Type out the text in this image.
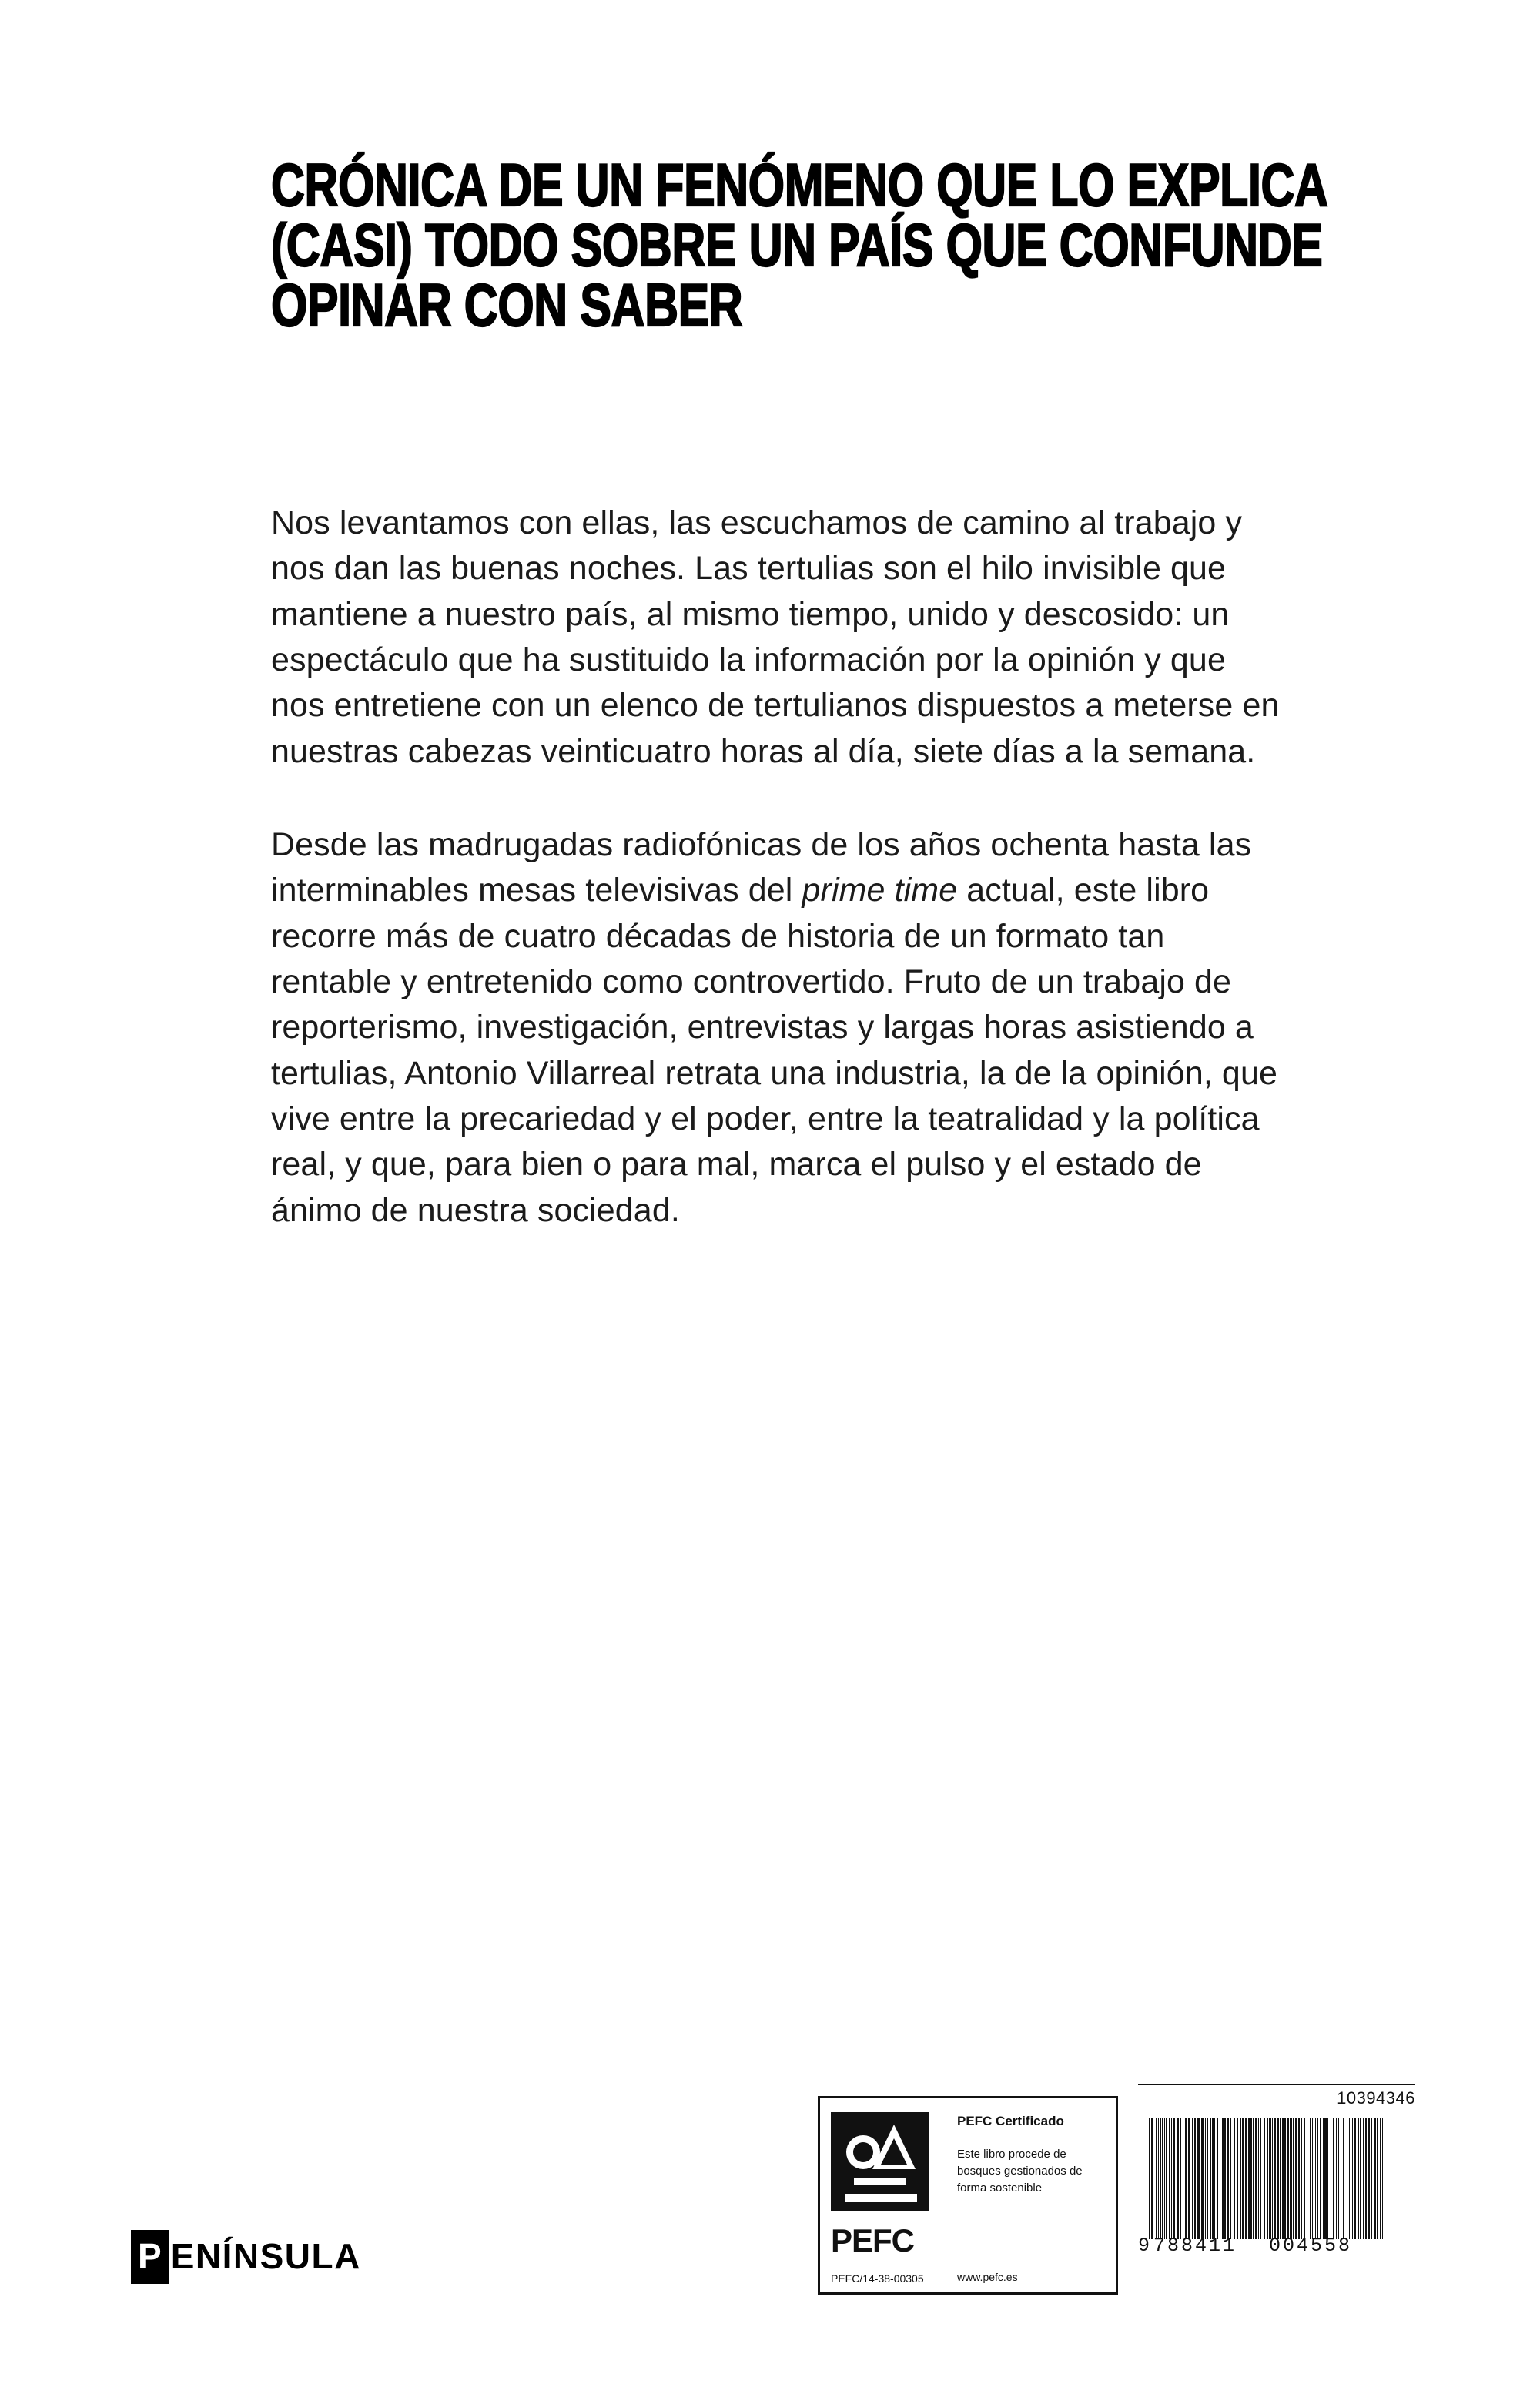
CRÓNICA DE UN FENÓMENO QUE LO EXPLICA
(CASI) TODO SOBRE UN PAÍS QUE CONFUNDE
OPINAR CON SABER

Nos levantamos con ellas, las escuchamos de camino al trabajo y nos dan las buenas noches. Las tertulias son el hilo invisible que mantiene a nuestro país, al mismo tiempo, unido y descosido: un espectáculo que ha sustituido la información por la opinión y que nos entretiene con un elenco de tertulianos dispuestos a meterse en nuestras cabezas veinticuatro horas al día, siete días a la semana.

Desde las madrugadas radiofónicas de los años ochenta hasta las interminables mesas televisivas del prime time actual, este libro recorre más de cuatro décadas de historia de un formato tan rentable y entretenido como controvertido. Fruto de un trabajo de reporterismo, investigación, entrevistas y largas horas asistiendo a tertulias, Antonio Villarreal retrata una industria, la de la opinión, que vive entre la precariedad y el poder, entre la teatralidad y la política real, y que, para bien o para mal, marca el pulso y el estado de ánimo de nuestra sociedad.

P ENÍNSULA	PEFC
PEFC/14-38-00305
PEFC Certificado
Este libro procede de bosques gestionados de forma sostenible
www.pefc.es
10394346
9 788411	004558
